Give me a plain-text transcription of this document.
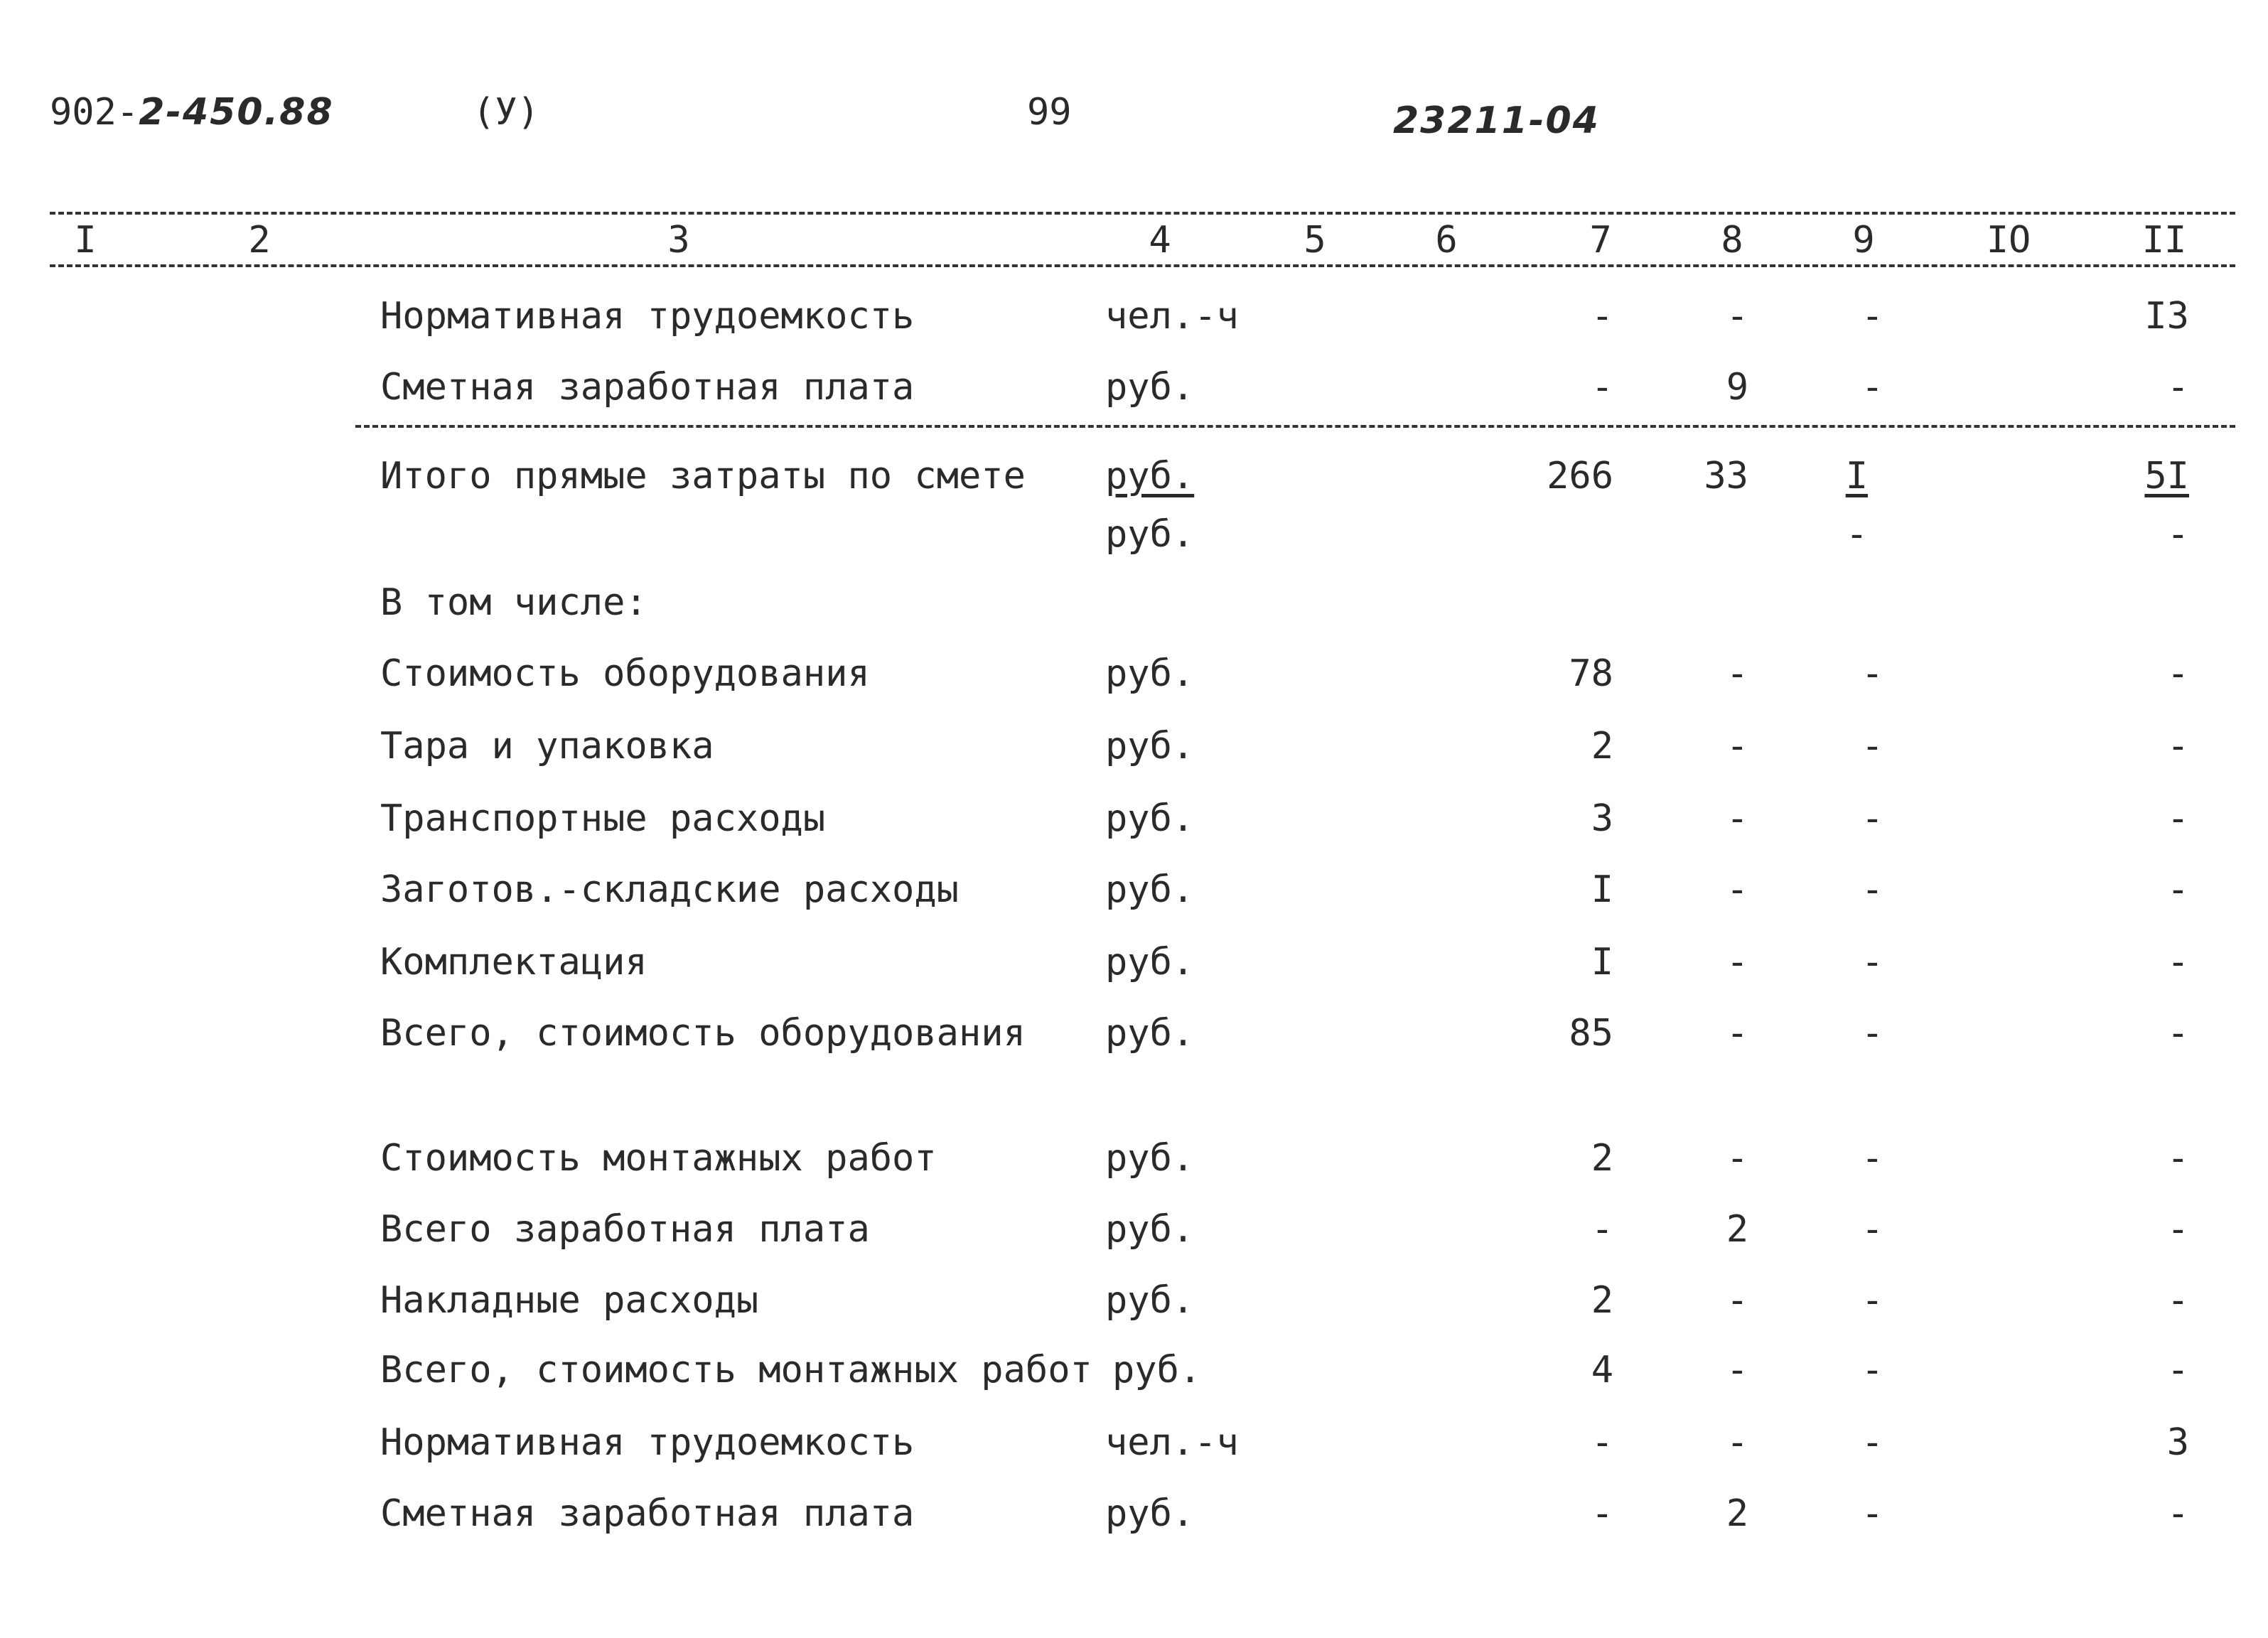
902-2-450.88	(У)	99	23211-04
I	2	3	4	5	6	7	8	9	IO	II
Нормативная трудоемкость	чел.-ч	-	-	-	I3
Сметная заработная плата	руб.	-	9	-	-
Итого прямые затраты по смете руб.	266 33	I	5I
руб.	-	-
В том числе:
Стоимость оборудования	руб.	78	-	-	-
Тара и упаковка	руб.	2	-	-	-
Транспортные расходы	руб.	3	-	-	-
Заготов.-складские расходы	руб.	I	-	-	-
Комплектация	руб.	I	-	-	-
Всего, стоимость оборудования руб.	85	-	-	-
Стоимость монтажных работ	руб.	2	-	-	-
Всего заработная плата	руб.	-	2	-	-
Накладные расходы	руб.	2	-	-	-
Всего, стоимость монтажных работ руб.	4	-	-	-
Нормативная трудоемкость	чел.-ч	-	-	-	3
Сметная заработная плата	руб.	-	2	-	-
